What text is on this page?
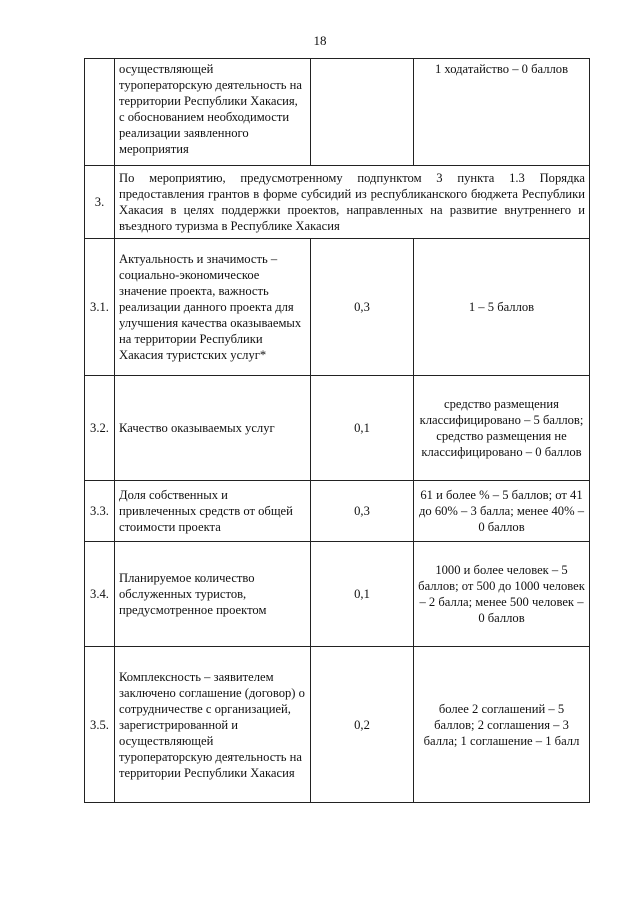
18
	осуществляющей туроператорскую деятельность на территории Республики Хакасия, с обоснованием необходимости реализации заявленного мероприятия		1 ходатайство – 0 баллов
3.	По мероприятию, предусмотренному подпунктом 3 пункта 1.3 Порядка предоставления грантов в форме субсидий из республиканского бюджета Республики Хакасия в целях поддержки проектов, направленных на развитие внутреннего и въездного туризма в Республике Хакасия		
3.1.	Актуальность и значимость – социально-экономическое значение проекта, важность реализации данного проекта для улучшения качества оказываемых на территории Республики Хакасия туристских услуг*	0,3	1 – 5 баллов
3.2.	Качество оказываемых услуг	0,1	средство размещения классифицировано – 5 баллов; средство размещения не классифицировано – 0 баллов
3.3.	Доля собственных и привлеченных средств от общей стоимости проекта	0,3	61 и более % – 5 баллов; от 41 до 60% – 3 балла; менее 40% – 0 баллов
3.4.	Планируемое количество обслуженных туристов, предусмотренное проектом	0,1	1000 и более человек – 5 баллов; от 500 до 1000 человек – 2 балла; менее 500 человек – 0 баллов
3.5.	Комплексность – заявителем заключено соглашение (договор) о сотрудничестве с организацией, зарегистрированной и осуществляющей туроператорскую деятельность на территории Республики Хакасия	0,2	более 2 соглашений – 5 баллов; 2 соглашения – 3 балла; 1 соглашение – 1 балл
